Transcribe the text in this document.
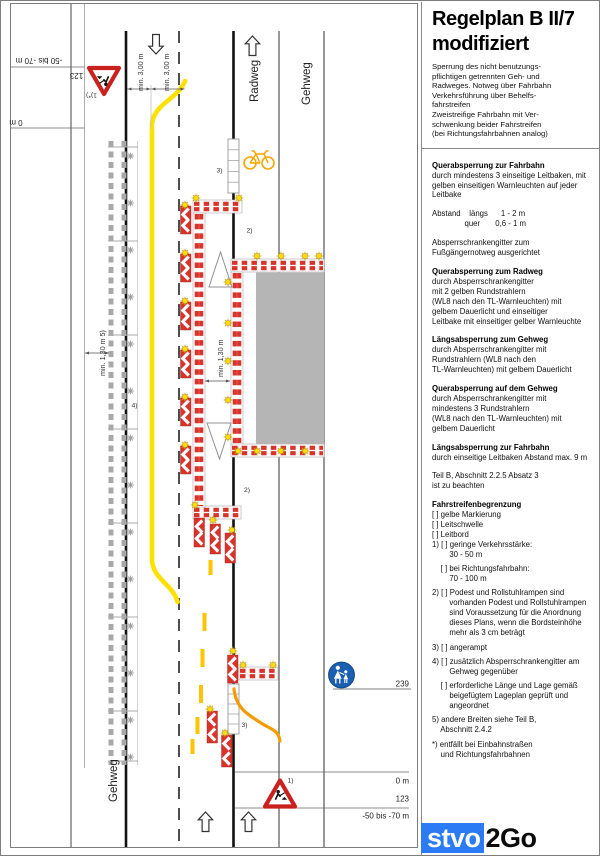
min. 3,00 m min. 3,00 m
min. 1,30 m
min. 1,30 m 5)
-50 bis -70 m
123
0 m
1)*)
0 m
123
-50 bis -70 m
1)
239
Radweg	Gehweg
Gehweg
3)
2)
2)
3)
4)
Regelplan B II/7
modifiziert
Sperrung des nicht benutzungs-
pflichtigen getrennten Geh- und
Radweges. Notweg über Fahrbahn
Verkehrsführung über Behelfs-
fahrstreifen
Zweistreifige Fahrbahn mit Ver-
schwenkung beider Fahrstreifen
(bei Richtungsfahrbahnen analog)
Querabsperrung zur Fahrbahn
durch mindestens 3 einseitige Leitbaken, mit
gelben einseitigen Warnleuchten auf jeder
Leitbake
Abstand    längs      1 - 2 m
quer       0,6 - 1 m
Absperrschrankengitter zum
Fußgängernotweg ausgerichtet
Querabsperrung zum Radweg
durch Absperrschrankengitter
mit 2 gelben Rundstrahlern
(WL8 nach den TL-Warnleuchten) mit
gelbem Dauerlicht und einseitiger
Leitbake mit einseitiger gelber Warnleuchte
Längsabsperrung zum Gehweg
durch Absperrschrankengitter mit
Rundstrahlern (WL8 nach den
TL-Warnleuchten) mit gelbem Dauerlicht
Querabsperrung auf dem Gehweg
durch Absperrschrankengitter mit
mindestens 3 Rundstrahlern
(WL8 nach den TL-Warnleuchten) mit
gelbem Dauerlicht
Längsabsperrung zur Fahrbahn
durch einseitige Leitbaken Abstand max. 9 m
Teil B, Abschnitt 2.2.5 Absatz 3
ist zu beachten
Fahrstreifenbegrenzung
[ ] gelbe Markierung
[ ] Leitschwelle
[ ] Leitbord
1) [ ] geringe Verkehrsstärke:
30 - 50 m
[ ] bei Richtungsfahrbahn:
70 - 100 m
2) [ ] Podest und Rollstuhlrampen sind
vorhanden Podest und Rollstuhlrampen
sind Voraussetzung für die Anordnung
dieses Plans, wenn die Bordsteinhöhe
mehr als 3 cm beträgt
3) [ ] angerampt
4) [ ] zusätzlich Absperrschrankengitter am
Gehweg gegenüber
[ ] erforderliche Länge und Lage gemäß
beigefügtem Lageplan geprüft und
angeordnet
5) andere Breiten siehe Teil B,
Abschnitt 2.4.2
*) entfällt bei Einbahnstraßen
und Richtungsfahrbahnen
stvo 2Go
